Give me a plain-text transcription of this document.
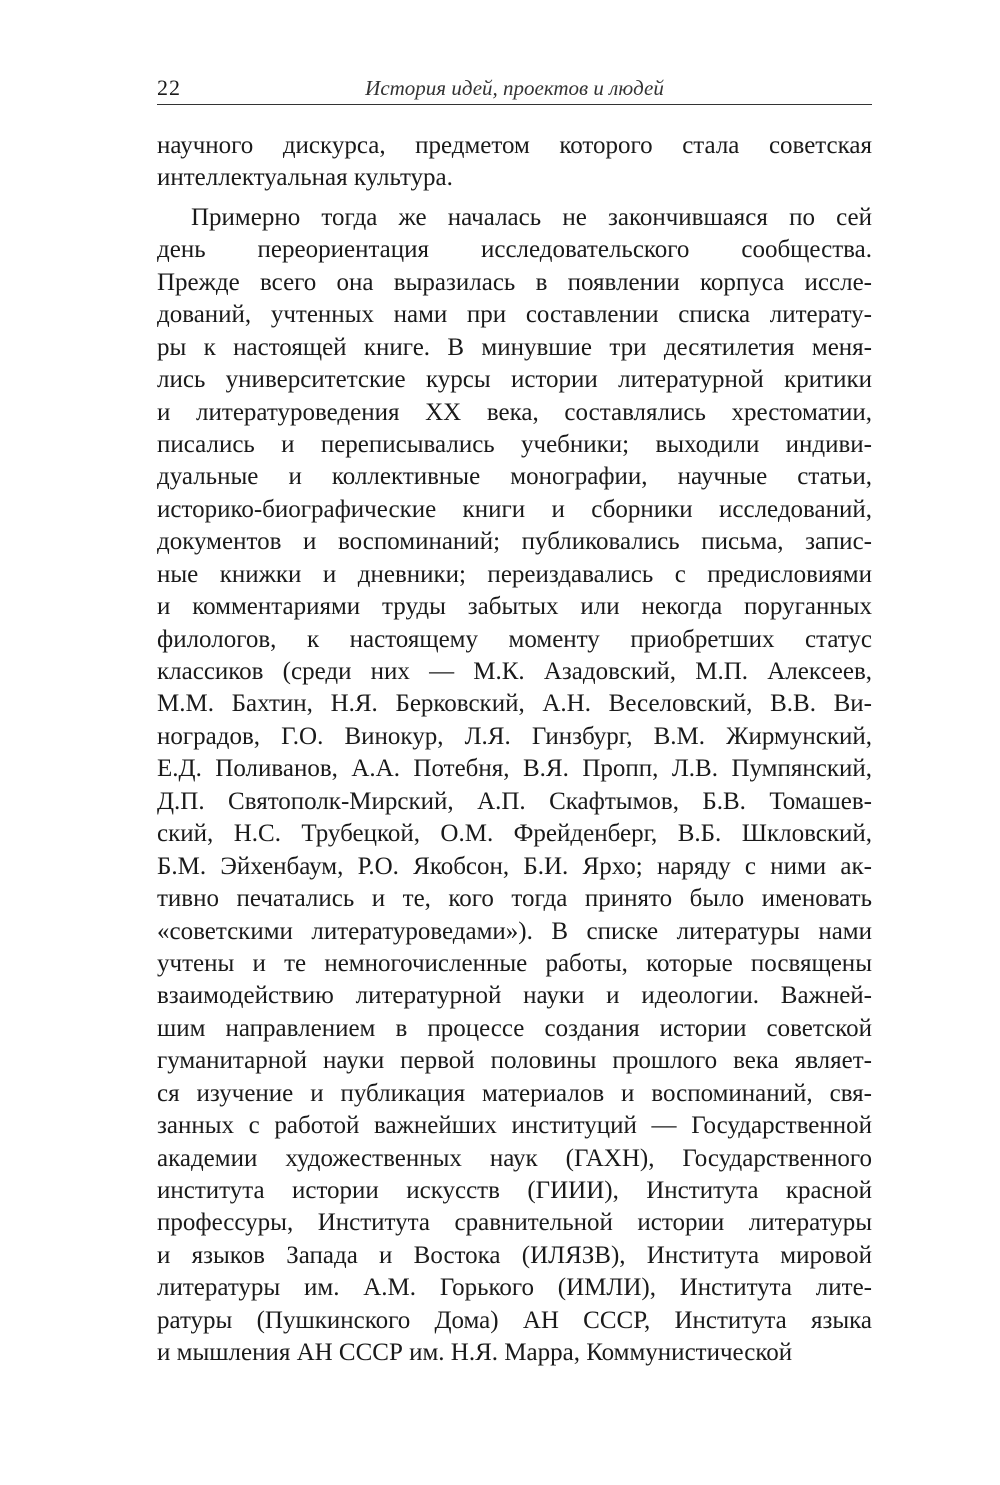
22	История идей, проектов и людей
научного дискурса, предметом которого стала советская
интеллектуальная культура.
Примерно тогда же началась не закончившаяся по сей
день переориентация исследовательского сообщества.
Прежде всего она выразилась в появлении корпуса иссле-
дований, учтенных нами при составлении списка литерату-
ры к настоящей книге. В минувшие три десятилетия меня-
лись университетские курсы истории литературной критики
и литературоведения XX века, составлялись хрестоматии,
писались и переписывались учебники; выходили индиви-
дуальные и коллективные монографии, научные статьи,
историко-биографические книги и сборники исследований,
документов и воспоминаний; публиковались письма, запис-
ные книжки и дневники; переиздавались с предисловиями
и комментариями труды забытых или некогда поруганных
филологов, к настоящему моменту приобретших статус
классиков (среди них — М.К. Азадовский, М.П. Алексеев,
М.М. Бахтин, Н.Я. Берковский, А.Н. Веселовский, В.В. Ви-
ноградов, Г.О. Винокур, Л.Я. Гинзбург, В.М. Жирмунский,
Е.Д. Поливанов, А.А. Потебня, В.Я. Пропп, Л.В. Пумпянский,
Д.П. Святополк-Мирский, А.П. Скафтымов, Б.В. Томашев-
ский, Н.С. Трубецкой, О.М. Фрейденберг, В.Б. Шкловский,
Б.М. Эйхенбаум, Р.О. Якобсон, Б.И. Ярхо; наряду с ними ак-
тивно печатались и те, кого тогда принято было именовать
«советскими литературоведами»). В списке литературы нами
учтены и те немногочисленные работы, которые посвящены
взаимодействию литературной науки и идеологии. Важней-
шим направлением в процессе создания истории советской
гуманитарной науки первой половины прошлого века являет-
ся изучение и публикация материалов и воспоминаний, свя-
занных с работой важнейших институций — Государственной
академии художественных наук (ГАХН), Государственного
института истории искусств (ГИИИ), Института красной
профессуры, Института сравнительной истории литературы
и языков Запада и Востока (ИЛЯЗВ), Института мировой
литературы им. А.М. Горького (ИМЛИ), Института лите-
ратуры (Пушкинского Дома) АН СССР, Института языка
и мышления АН СССР им. Н.Я. Марра, Коммунистической
